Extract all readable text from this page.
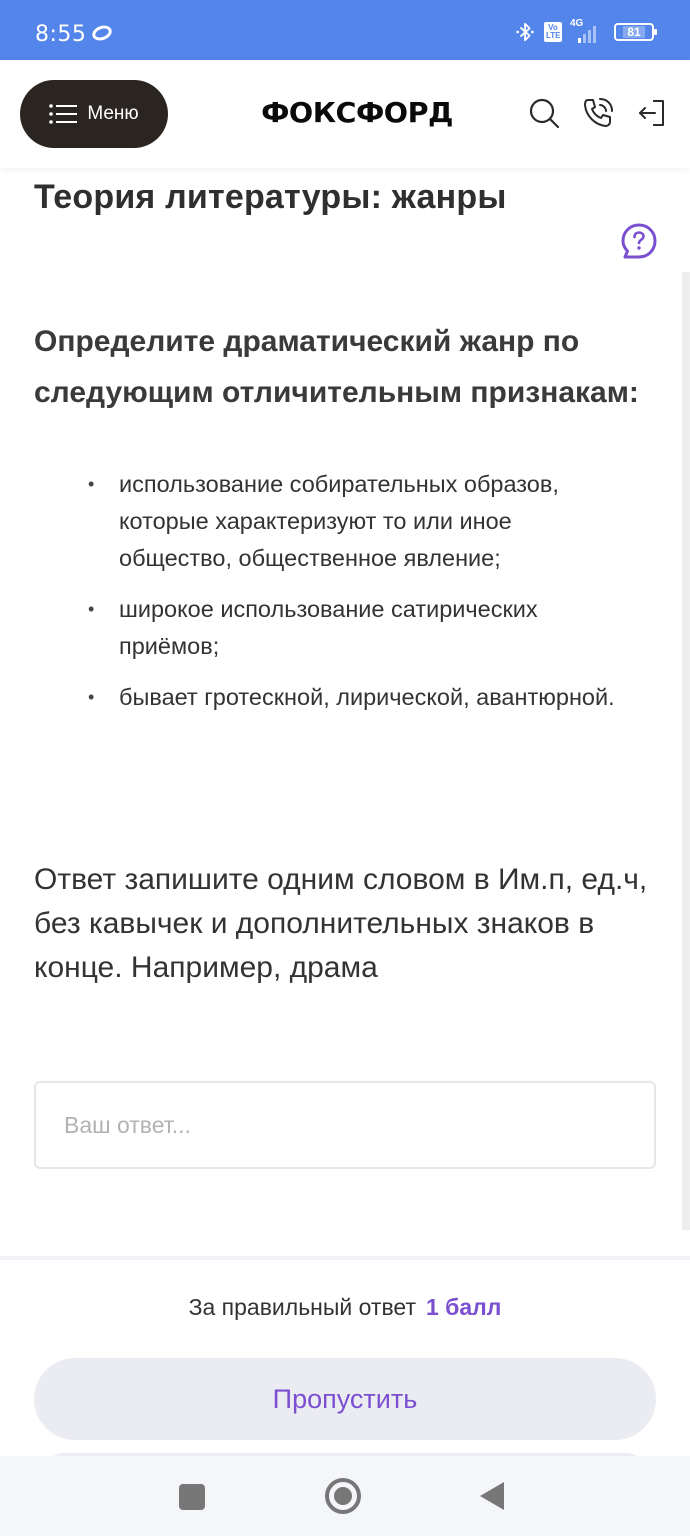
8:55	Vo LTE
4G
81
Меню	ФОКСФОРД
Теория литературы: жанры
Определите драматический жанр по следующим отличительным признакам:
• использование собирательных образов, которые характеризуют то или иное общество, общественное явление;
• широкое использование сатирических приёмов;
• бывает гротескной, лирической, авантюрной.

Ответ запишите одним словом в Им.п, ед.ч, без кавычек и дополнительных знаков в конце. Например, драма

Ваш ответ...
За правильный ответ 1 балл
Пропустить
